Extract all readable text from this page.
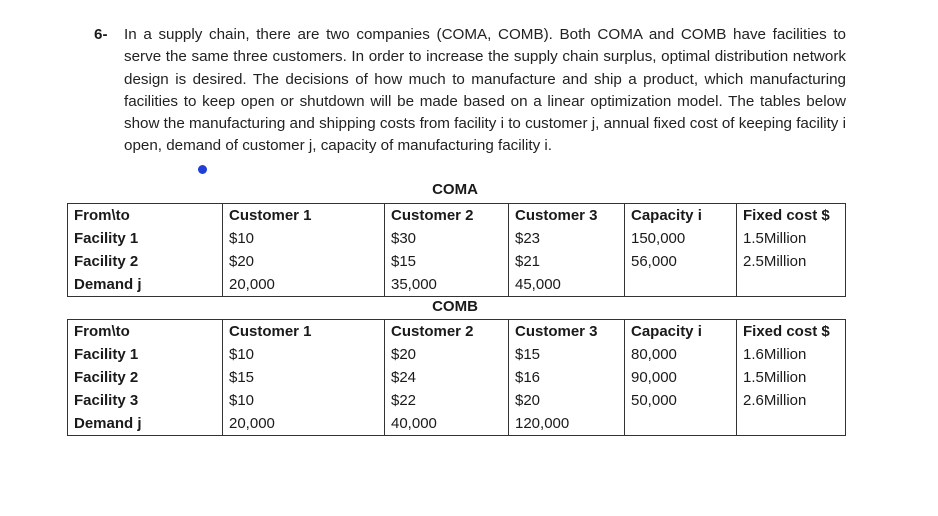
6- In a supply chain, there are two companies (COMA, COMB). Both COMA and COMB have facilities to serve the same three customers. In order to increase the supply chain surplus, optimal distribution network design is desired. The decisions of how much to manufacture and ship a product, which manufacturing facilities to keep open or shutdown will be made based on a linear optimization model. The tables below show the manufacturing and shipping costs from facility i to customer j, annual fixed cost of keeping facility i open, demand of customer j, capacity of manufacturing facility i.
COMA
From\to	Customer 1	Customer 2	Customer 3	Capacity i	Fixed cost $
Facility 1	$10	$30	$23	150,000	1.5Million
Facility 2	$20	$15	$21	56,000	2.5Million
Demand j	20,000	35,000	45,000		
COMB
From\to	Customer 1	Customer 2	Customer 3	Capacity i	Fixed cost $
Facility 1	$10	$20	$15	80,000	1.6Million
Facility 2	$15	$24	$16	90,000	1.5Million
Facility 3	$10	$22	$20	50,000	2.6Million
Demand j	20,000	40,000	120,000		
